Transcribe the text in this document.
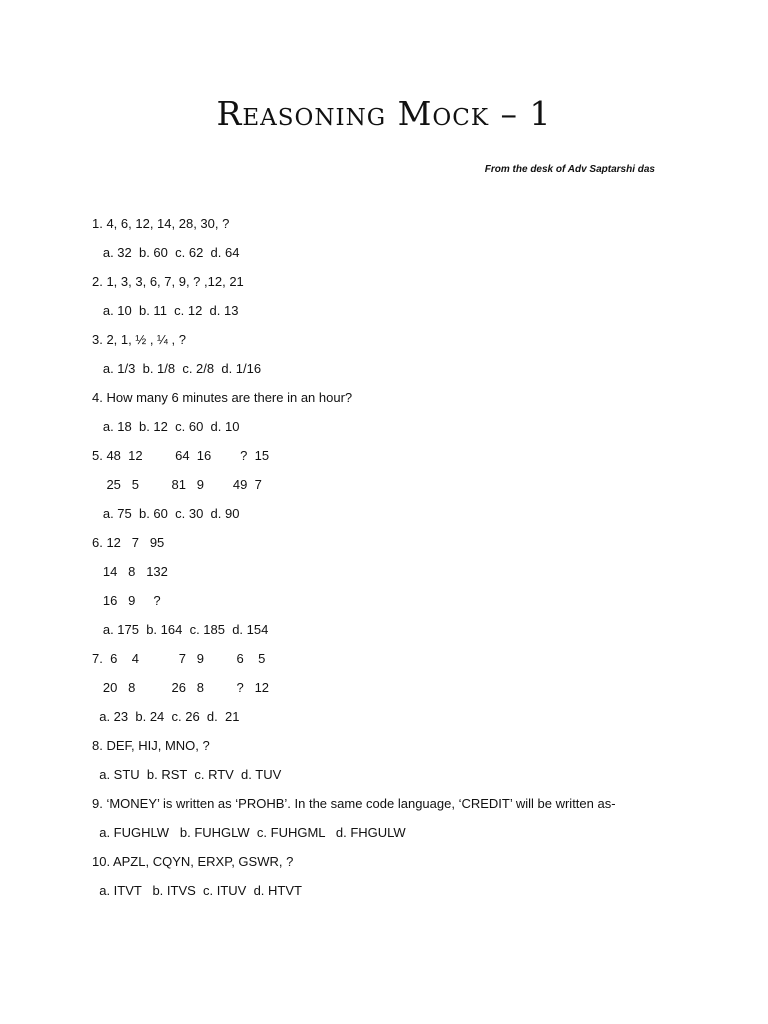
Reasoning Mock – 1
From the desk of Adv Saptarshi das
1. 4, 6, 12, 14, 28, 30, ?
a. 32  b. 60  c. 62  d. 64
2. 1, 3, 3, 6, 7, 9, ? ,12, 21
a. 10  b. 11  c. 12  d. 13
3. 2, 1, ½ , ¼ , ?
a. 1/3  b. 1/8  c. 2/8  d. 1/16
4. How many 6 minutes are there in an hour?
a. 18  b. 12  c. 60  d. 10
5. 48  12         64  16        ?  15
25   5         81   9        49  7
a. 75  b. 60  c. 30  d. 90
6. 12   7   95
14   8   132
16   9     ?
a. 175  b. 164  c. 185  d. 154
7.  6    4           7   9         6    5
20   8          26   8         ?   12
a. 23  b. 24  c. 26  d.  21
8. DEF, HIJ, MNO, ?
a. STU  b. RST  c. RTV  d. TUV
9. ‘MONEY’ is written as ‘PROHB’. In the same code language, ‘CREDIT’ will be written as-
a. FUGHLW   b. FUHGLW  c. FUHGML   d. FHGULW
10. APZL, CQYN, ERXP, GSWR, ?
a. ITVT   b. ITVS  c. ITUV  d. HTVT
